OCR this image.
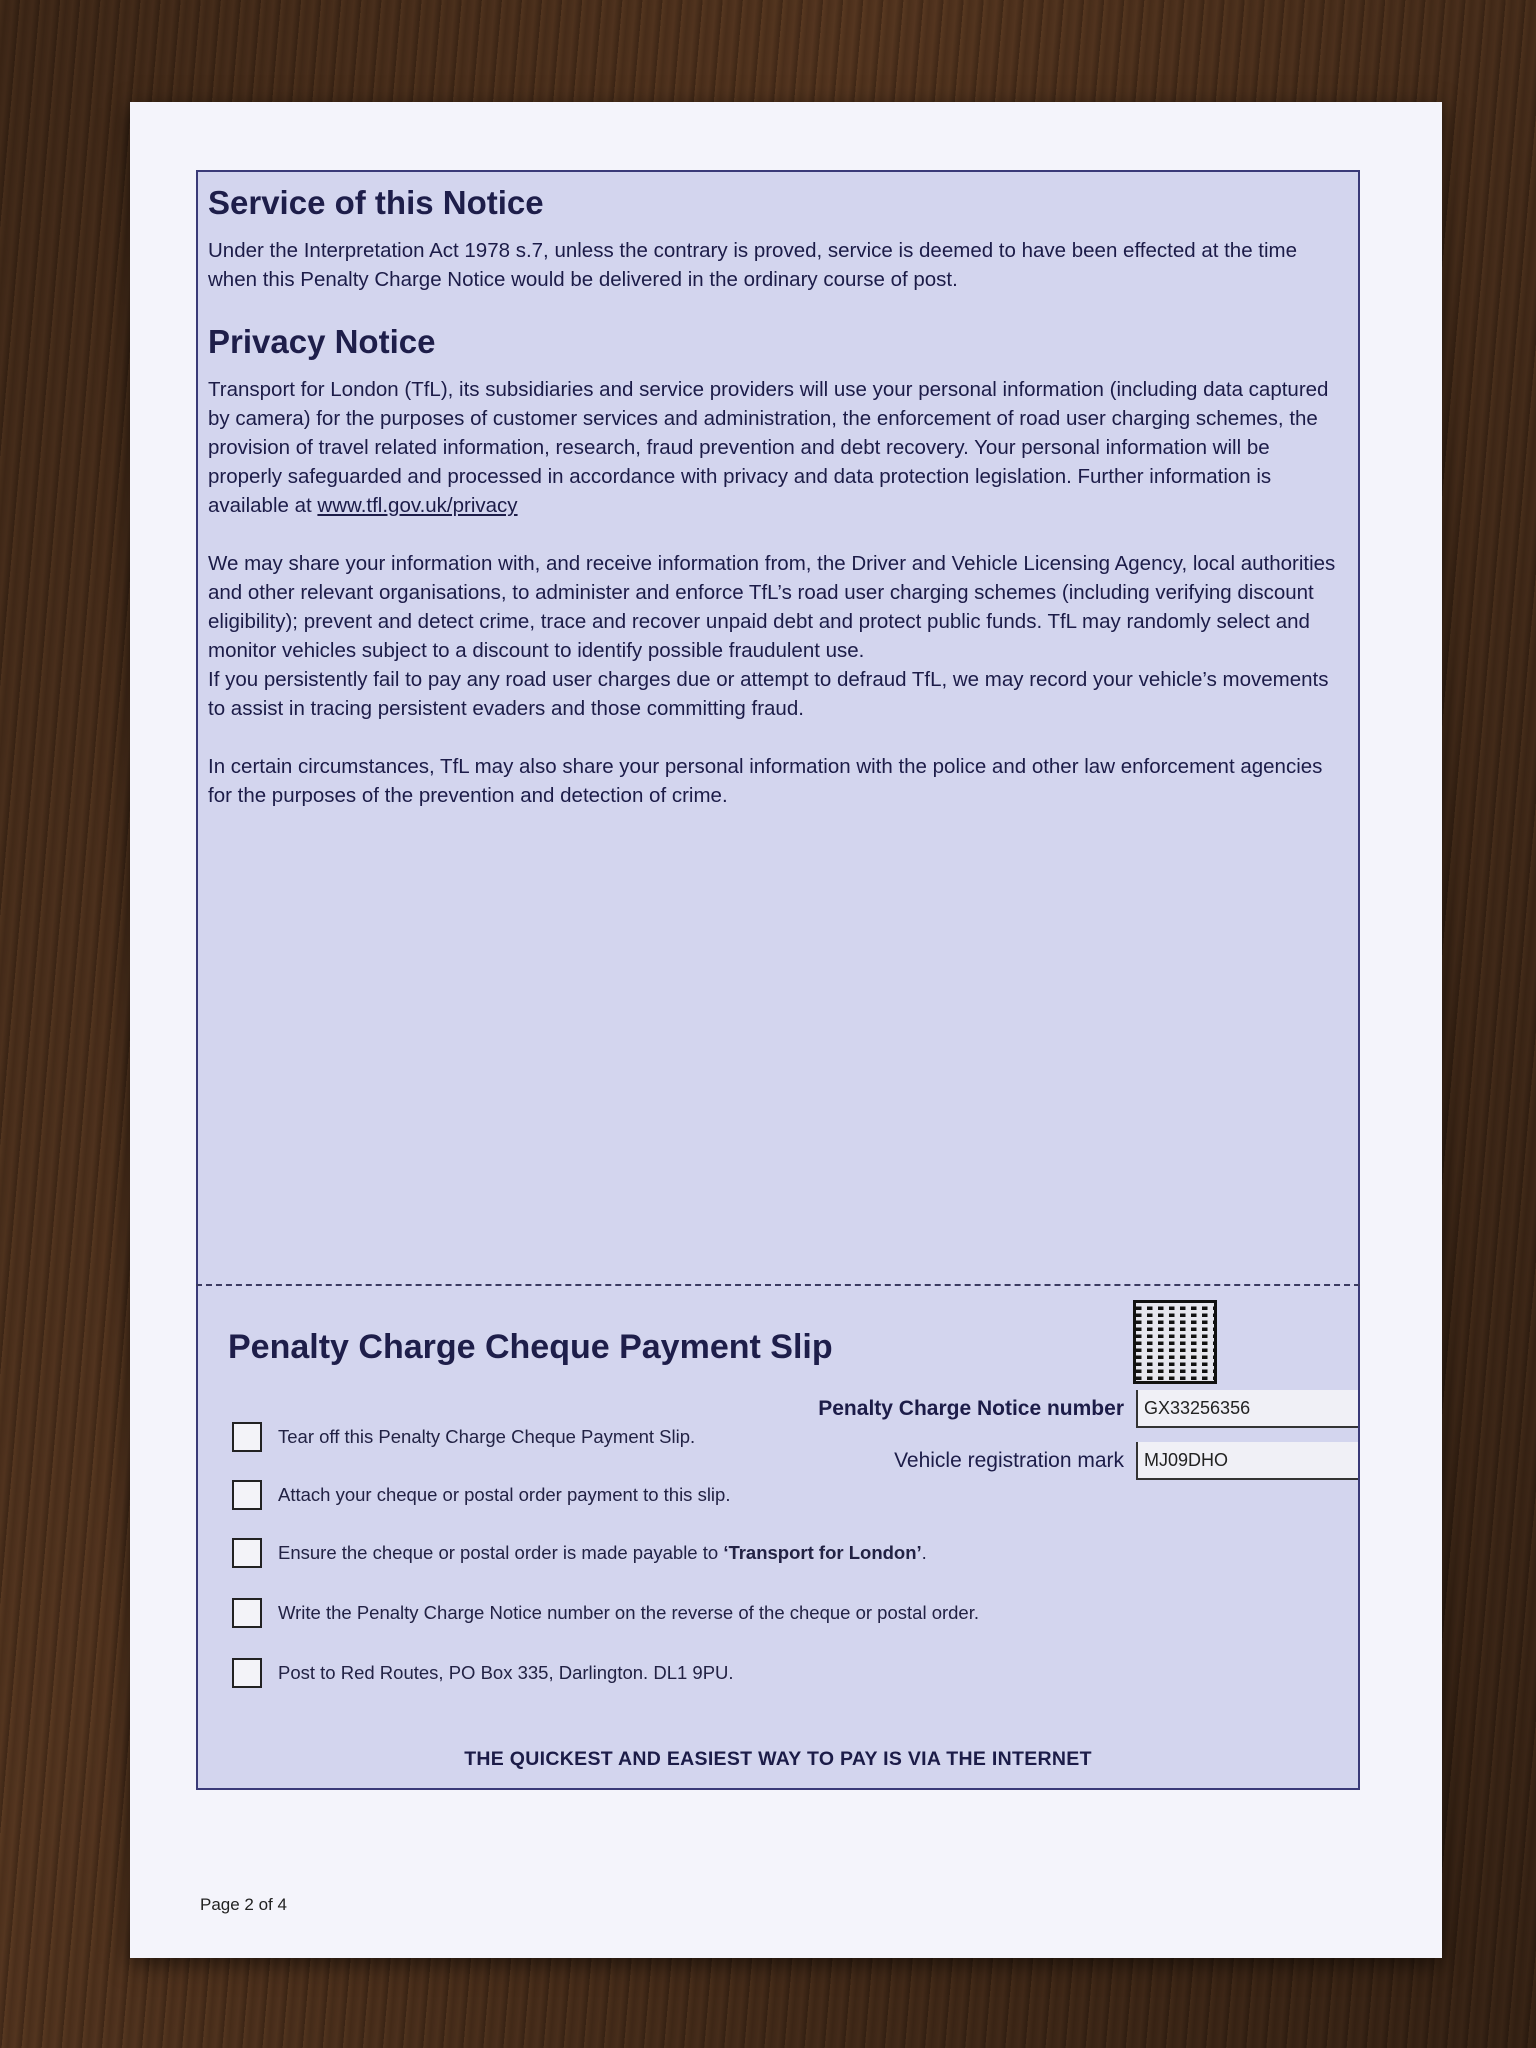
Service of this Notice

Under the Interpretation Act 1978 s.7, unless the contrary is proved, service is deemed to have been effected at the time when this Penalty Charge Notice would be delivered in the ordinary course of post.

Privacy Notice

Transport for London (TfL), its subsidiaries and service providers will use your personal information (including data captured by camera) for the purposes of customer services and administration, the enforcement of road user charging schemes, the provision of travel related information, research, fraud prevention and debt recovery. Your personal information will be properly safeguarded and processed in accordance with privacy and data protection legislation. Further information is available at www.tfl.gov.uk/privacy

We may share your information with, and receive information from, the Driver and Vehicle Licensing Agency, local authorities and other relevant organisations, to administer and enforce TfL’s road user charging schemes (including verifying discount eligibility); prevent and detect crime, trace and recover unpaid debt and protect public funds. TfL may randomly select and monitor vehicles subject to a discount to identify possible fraudulent use.
If you persistently fail to pay any road user charges due or attempt to defraud TfL, we may record your vehicle’s movements to assist in tracing persistent evaders and those committing fraud.

In certain circumstances, TfL may also share your personal information with the police and other law enforcement agencies for the purposes of the prevention and detection of crime.

Penalty Charge Cheque Payment Slip
Penalty Charge Notice number	GX33256356
Vehicle registration mark	MJ09DHO
Tear off this Penalty Charge Cheque Payment Slip.
Attach your cheque or postal order payment to this slip.
Ensure the cheque or postal order is made payable to ‘Transport for London’.
Write the Penalty Charge Notice number on the reverse of the cheque or postal order.
Post to Red Routes, PO Box 335, Darlington. DL1 9PU.
THE QUICKEST AND EASIEST WAY TO PAY IS VIA THE INTERNET
Page 2 of 4
